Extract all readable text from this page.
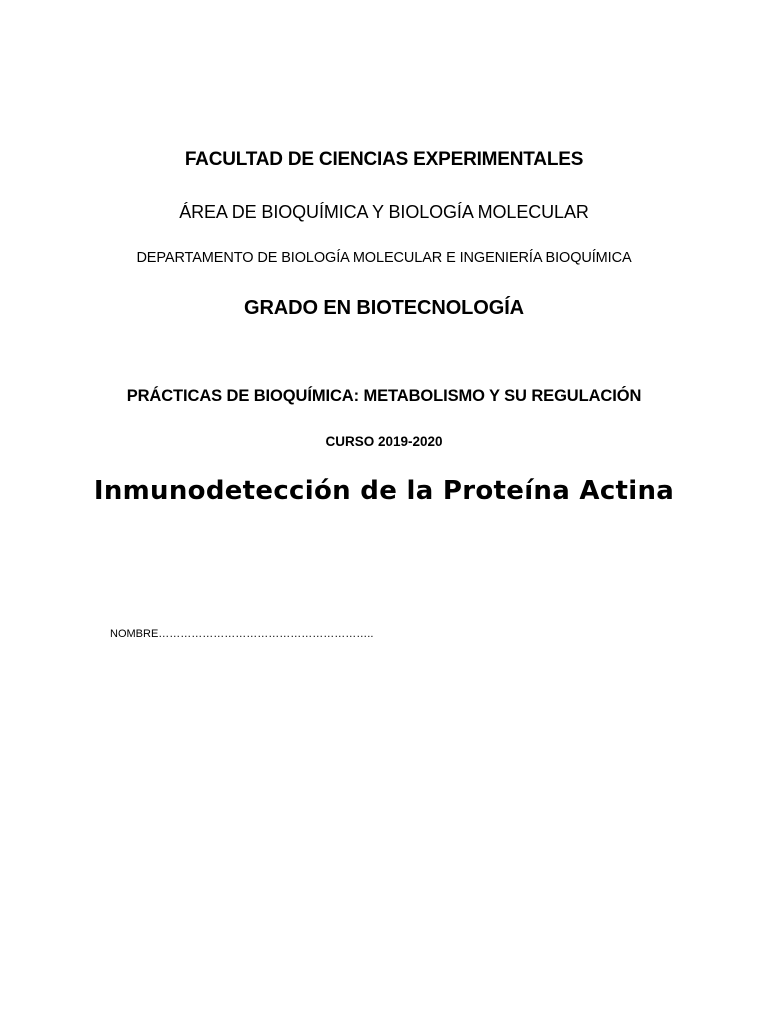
FACULTAD DE CIENCIAS EXPERIMENTALES
ÁREA DE BIOQUÍMICA Y BIOLOGÍA MOLECULAR
DEPARTAMENTO DE BIOLOGÍA MOLECULAR E INGENIERÍA BIOQUÍMICA
GRADO EN BIOTECNOLOGÍA
PRÁCTICAS DE BIOQUÍMICA: METABOLISMO Y SU REGULACIÓN
CURSO 2019-2020
Inmunodetección de la Proteína Actina
NOMBRE…………………………………………………..
